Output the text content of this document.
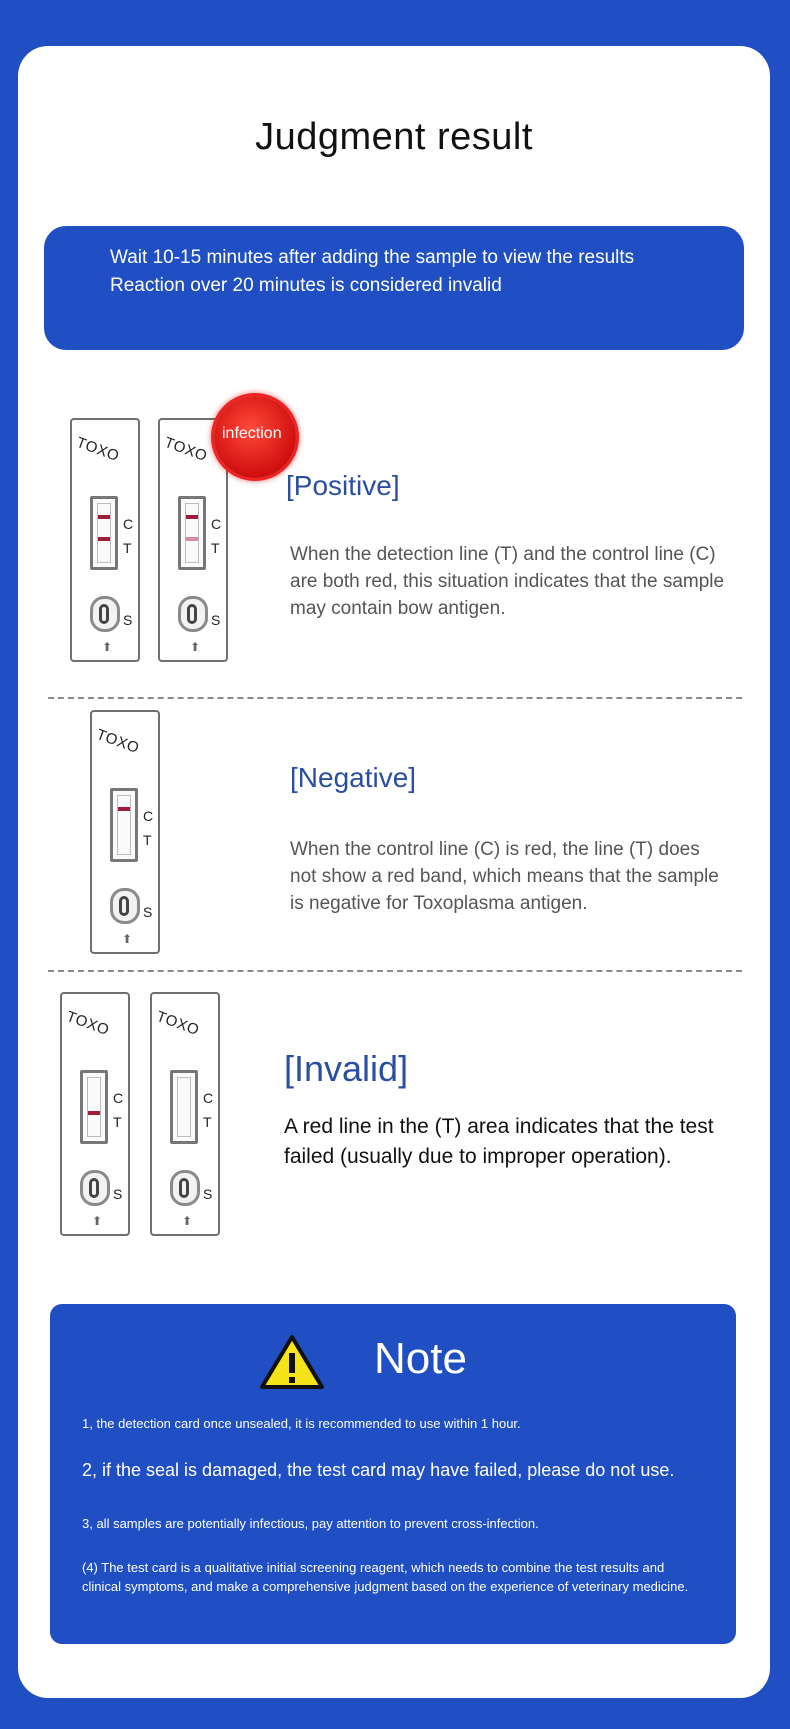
Judgment result

Wait 10-15 minutes after adding the sample to view the results Reaction over 20 minutes is considered invalid

TOXO
C
T
S
⬆
TOXO
C
T
S
⬆
infection
[Positive]
When the detection line (T) and the control line (C) are both red, this situation indicates that the sample may contain bow antigen.
TOXO
C
T
S
⬆
[Negative]
When the control line (C) is red, the line (T) does not show a red band, which means that the sample is negative for Toxoplasma antigen.
TOXO
C
T
S
⬆
TOXO
C
T
S
⬆
[Invalid]
A red line in the (T) area indicates that the test failed (usually due to improper operation).
Note

1, the detection card once unsealed, it is recommended to use within 1 hour.

2, if the seal is damaged, the test card may have failed, please do not use.

3, all samples are potentially infectious, pay attention to prevent cross-infection.

(4) The test card is a qualitative initial screening reagent, which needs to combine the test results and clinical symptoms, and make a comprehensive judgment based on the experience of veterinary medicine.
